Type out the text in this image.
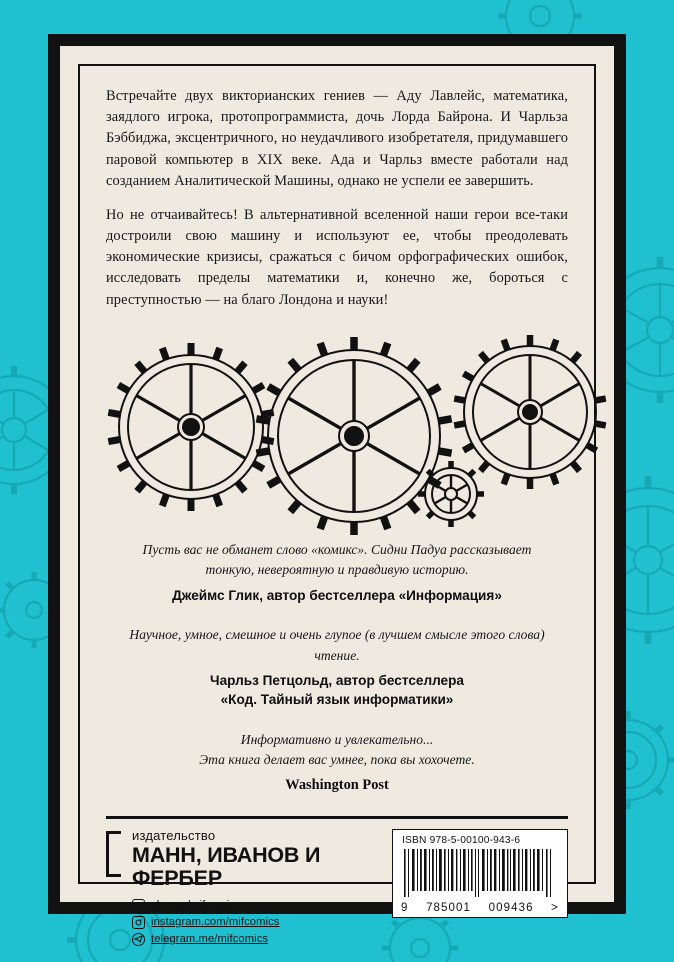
Встречайте двух викторианских гениев — Аду Лавлейс, математика, заядлого игрока, протопрограммиста, дочь Лорда Байрона. И Чарльза Бэббиджа, эксцентричного, но неудачливого изобретателя, придумавшего паровой компьютер в XIX веке. Ада и Чарльз вместе работали над созданием Аналитической Машины, однако не успели ее завершить.

Но не отчаивайтесь! В альтернативной вселенной наши герои все-таки достроили свою машину и используют ее, чтобы преодолевать экономические кризисы, сражаться с бичом орфографических ошибок, исследовать пределы математики и, конечно же, бороться с преступностью — на благо Лондона и науки!

Пусть вас не обманет слово «комикс». Сидни Падуа рассказывает тонкую, невероятную и правдивую историю.

Джеймс Глик, автор бестселлера «Информация»

Научное, умное, смешное и очень глупое (в лучшем смысле этого слова) чтение.

Чарльз Петцольд, автор бестселлера
«Код. Тайный язык информатики»

Информативно и увлекательно...
Эта книга делает вас умнее, пока вы хохочете.

Washington Post

издательство
МАНН, ИВАНОВ И ФЕРБЕР
vk.com/mifcomics
instagram.com/mifcomics
telegram.me/mifcomics
ISBN 978-5-00100-943-6
9 785001 009436 >
